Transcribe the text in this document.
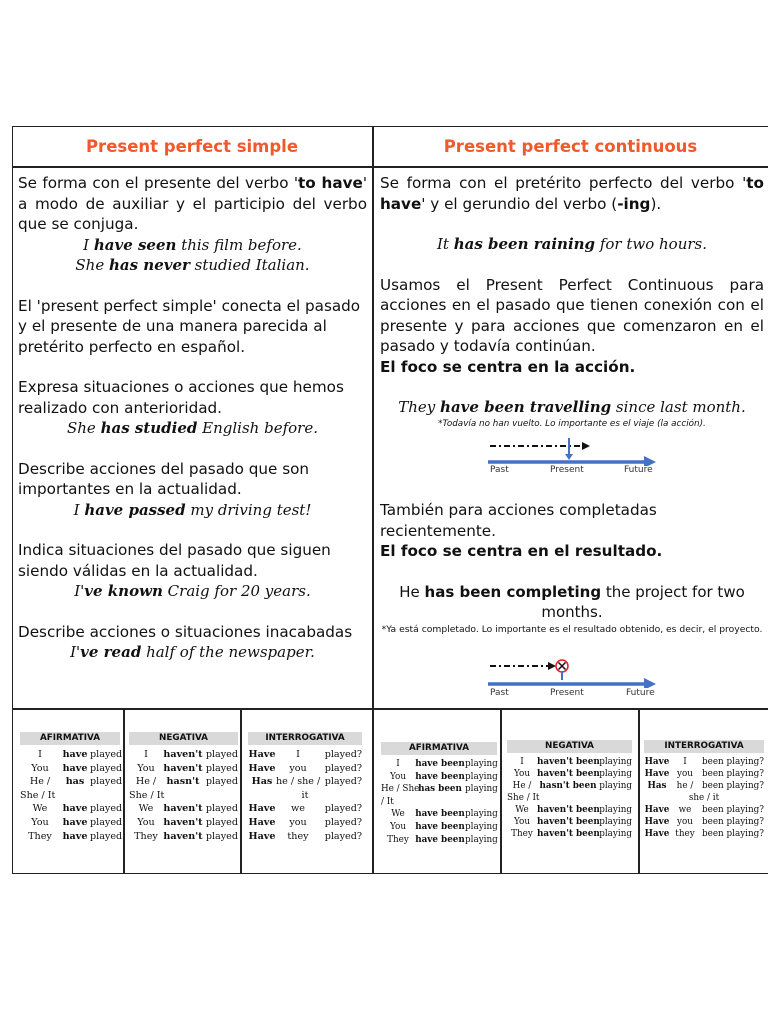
Present perfect simple	Present perfect continuous

Se forma con el presente del verbo 'to have' a modo de auxiliar y el participio del verbo que se conjuga.

I have seen this film before.

She has never studied Italian.

El 'present perfect simple' conecta el pasado y el presente de una manera parecida al pretérito perfecto en español.

Expresa situaciones o acciones que hemos realizado con anterioridad.

She has studied English before.

Describe acciones del pasado que son importantes en la actualidad.

I have passed my driving test!

Indica situaciones del pasado que siguen siendo válidas en la actualidad.

I've known Craig for 20 years.

Describe acciones o situaciones inacabadas

I've read half of the newspaper.

Se forma con el pretérito perfecto del verbo 'to have' y el gerundio del verbo (-ing).

It has been raining for two hours.

Usamos el Present Perfect Continuous para acciones en el pasado que tienen conexión con el presente y para acciones que comenzaron en el pasado y todavía continúan.

El foco se centra en la acción.

They have been travelling since last month.

*Todavía no han vuelto. Lo importante es el viaje (la acción).

Past	Present	Future

También para acciones completadas recientemente.

El foco se centra en el resultado.

He has been completing the project for two months.

*Ya está completado. Lo importante es el resultado obtenido, es decir, el proyecto.

Past	Present	Future
AFIRMATIVA
I	have played
You	have played
He /	has played
She / It
We	have played
You	have played
They	have played
NEGATIVA
I	haven't played
You haven't played
He /	hasn't played
She / It
We	haven't played
You haven't played
They haven't played
INTERROGATIVA
Have	I	played?
Have	you	played?
Has he / she / played?
it
Have	we	played?
Have	you	played?
Have	they	played?
AFIRMATIVA
I	have been playing
You	have been playing
He / She
has been playing
/ It
We	have been playing
You	have been playing
They have been playing
NEGATIVA
I	haven't been playing
You haven't been playing
He / hasn't been playing
She / It
We haven't been playing
You haven't been playing
They haven't been playing
INTERROGATIVA
Have	I	been playing?
Have you	been playing?
Has	he / been playing?
she / it
Have	we	been playing?
Have you	been playing?
Have they been playing?
